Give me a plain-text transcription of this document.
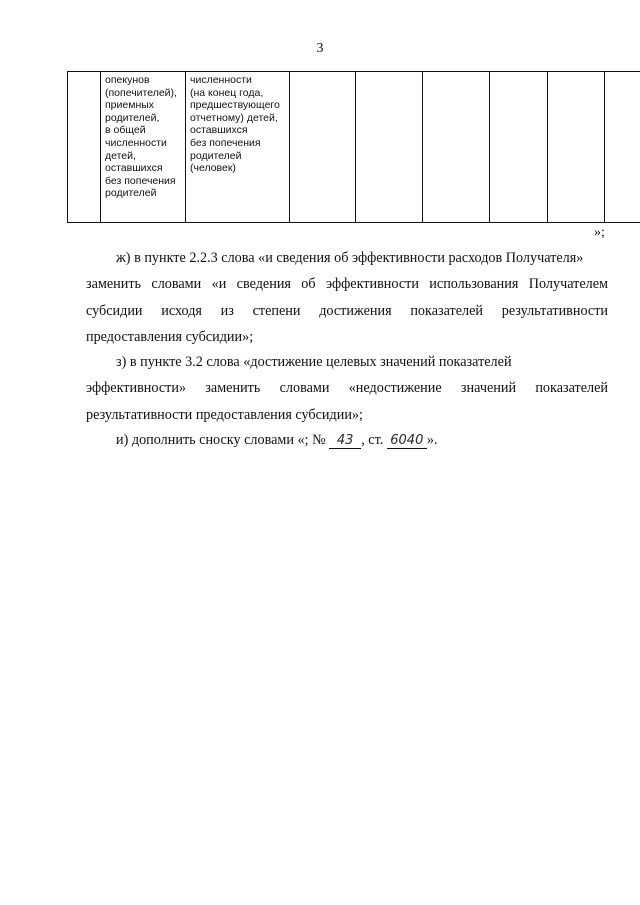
3
	опекунов
(попечителей),
приемных
родителей,
в общей
численности
детей,
оставшихся
без попечения
родителей	численности
(на конец года,
предшествующего
отчетному) детей,
оставшихся
без попечения
родителей
(человек)						
»;
ж) в пункте 2.2.3 слова «и сведения об эффективности расходов Получателя»
заменить словами «и сведения об эффективности использования Получателем субсидии исходя из степени достижения показателей результативности предоставления субсидии»;
з) в пункте 3.2 слова «достижение целевых значений показателей
эффективности» заменить словами «недостижение значений показателей результативности предоставления субсидии»;
и) дополнить сноску словами «; № 43 , ст. 6040 ».
